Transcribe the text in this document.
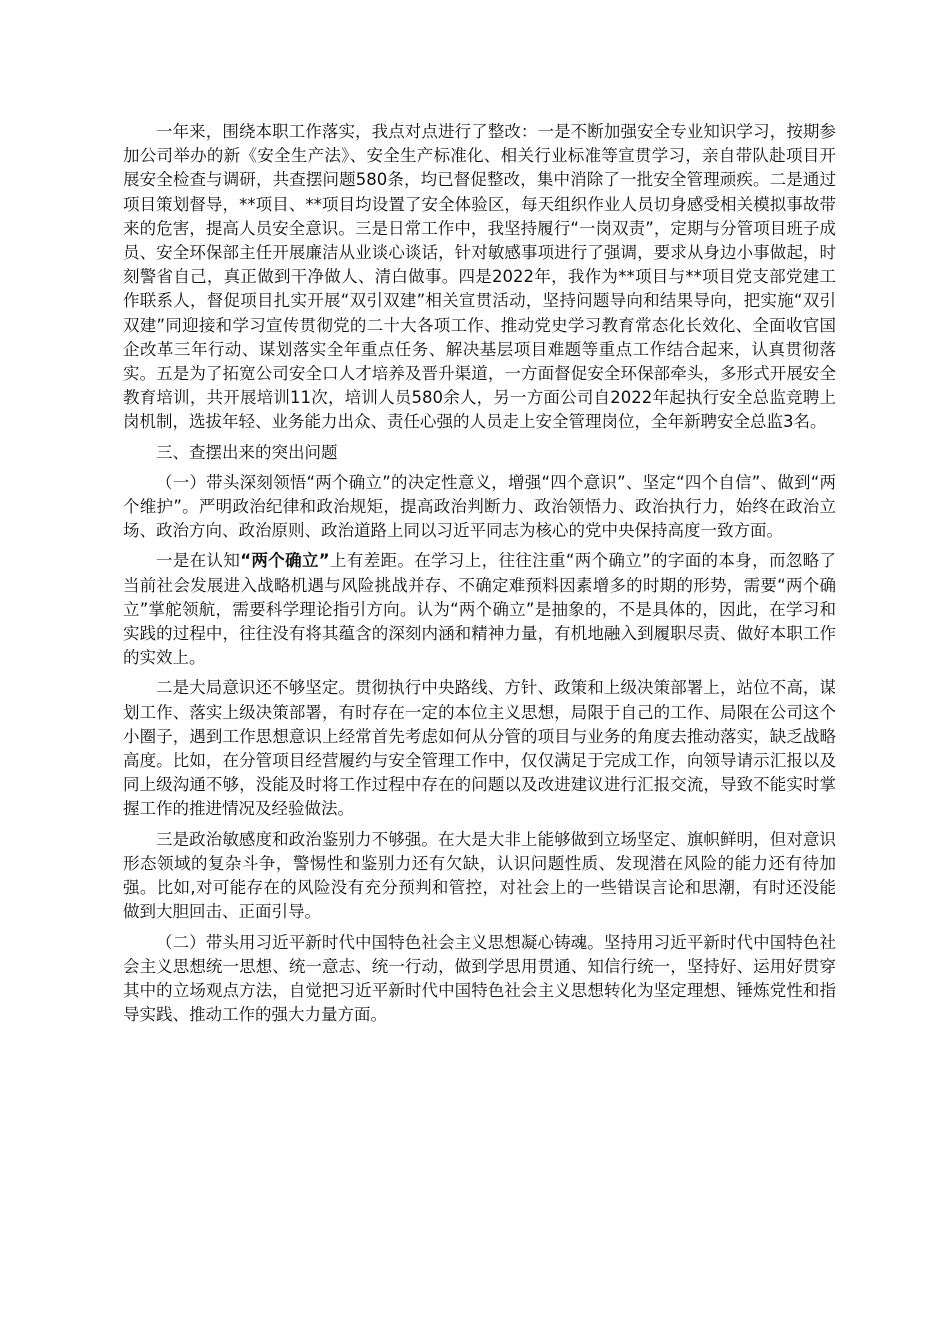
一年来，围绕本职工作落实，我点对点进行了整改：一是不断加强安全专业知识学习，按期参加公司举办的新《安全生产法》、安全生产标准化、相关行业标准等宣贯学习，亲自带队赴项目开展安全检查与调研，共查摆问题580条，均已督促整改，集中消除了一批安全管理顽疾。二是通过项目策划督导，**项目、**项目均设置了安全体验区，每天组织作业人员切身感受相关模拟事故带来的危害，提高人员安全意识。三是日常工作中，我坚持履行“一岗双责”，定期与分管项目班子成员、安全环保部主任开展廉洁从业谈心谈话，针对敏感事项进行了强调，要求从身边小事做起，时刻警省自己，真正做到干净做人、清白做事。四是2022年，我作为**项目与**项目党支部党建工作联系人，督促项目扎实开展“双引双建”相关宣贯活动，坚持问题导向和结果导向，把实施“双引双建”同迎接和学习宣传贯彻党的二十大各项工作、推动党史学习教育常态化长效化、全面收官国企改革三年行动、谋划落实全年重点任务、解决基层项目难题等重点工作结合起来，认真贯彻落实。五是为了拓宽公司安全口人才培养及晋升渠道，一方面督促安全环保部牵头，多形式开展安全教育培训，共开展培训11次，培训人员580余人，另一方面公司自2022年起执行安全总监竞聘上岗机制，选拔年轻、业务能力出众、责任心强的人员走上安全管理岗位，全年新聘安全总监3名。

三、查摆出来的突出问题

（一）带头深刻领悟“两个确立”的决定性意义，增强“四个意识”、坚定“四个自信”、做到“两个维护”。严明政治纪律和政治规矩，提高政治判断力、政治领悟力、政治执行力，始终在政治立场、政治方向、政治原则、政治道路上同以习近平同志为核心的党中央保持高度一致方面。

一是在认知“两个确立”上有差距。在学习上，往往注重“两个确立”的字面的本身，而忽略了当前社会发展进入战略机遇与风险挑战并存、不确定难预料因素增多的时期的形势，需要“两个确立”掌舵领航，需要科学理论指引方向。认为“两个确立”是抽象的，不是具体的，因此，在学习和实践的过程中，往往没有将其蕴含的深刻内涵和精神力量，有机地融入到履职尽责、做好本职工作的实效上。

二是大局意识还不够坚定。贯彻执行中央路线、方针、政策和上级决策部署上，站位不高，谋划工作、落实上级决策部署，有时存在一定的本位主义思想，局限于自己的工作、局限在公司这个小圈子，遇到工作思想意识上经常首先考虑如何从分管的项目与业务的角度去推动落实，缺乏战略高度。比如，在分管项目经营履约与安全管理工作中，仅仅满足于完成工作，向领导请示汇报以及同上级沟通不够，没能及时将工作过程中存在的问题以及改进建议进行汇报交流，导致不能实时掌握工作的推进情况及经验做法。

三是政治敏感度和政治鉴别力不够强。在大是大非上能够做到立场坚定、旗帜鲜明，但对意识形态领域的复杂斗争，警惕性和鉴别力还有欠缺，认识问题性质、发现潜在风险的能力还有待加强。比如,对可能存在的风险没有充分预判和管控，对社会上的一些错误言论和思潮，有时还没能做到大胆回击、正面引导。

（二）带头用习近平新时代中国特色社会主义思想凝心铸魂。坚持用习近平新时代中国特色社会主义思想统一思想、统一意志、统一行动，做到学思用贯通、知信行统一，坚持好、运用好贯穿其中的立场观点方法，自觉把习近平新时代中国特色社会主义思想转化为坚定理想、锤炼党性和指导实践、推动工作的强大力量方面。
